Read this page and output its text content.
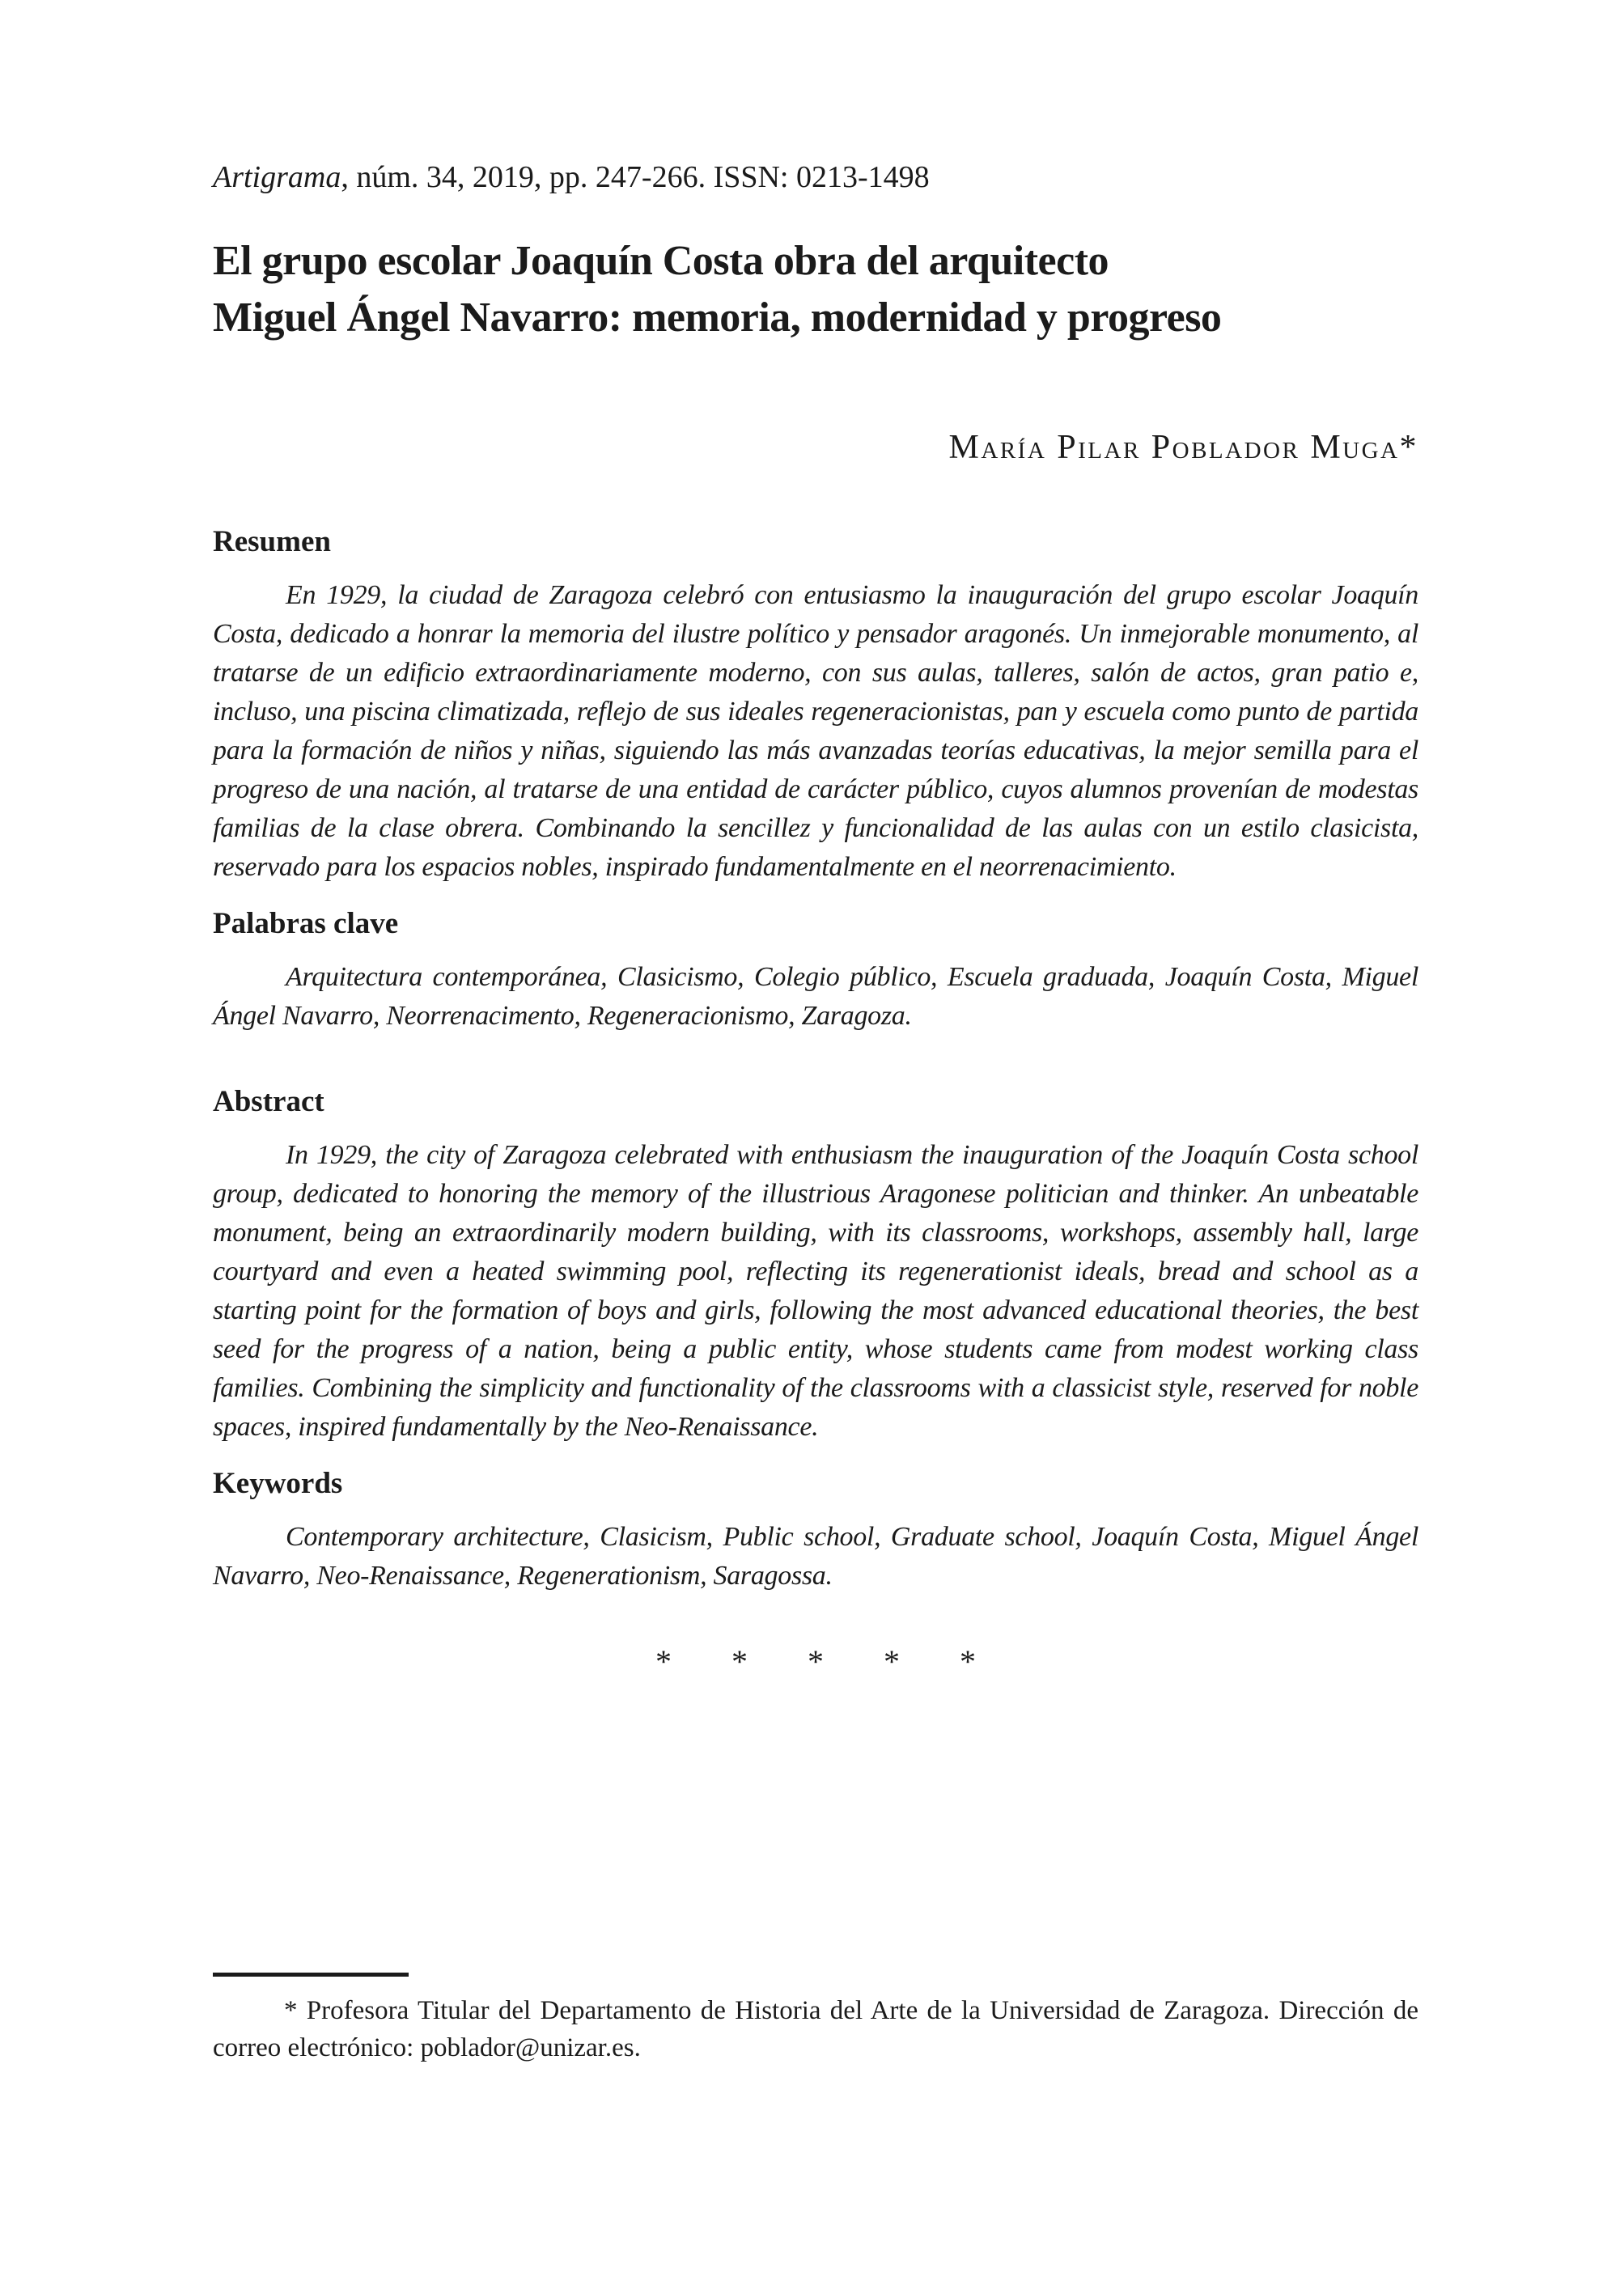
Artigrama, núm. 34, 2019, pp. 247-266. ISSN: 0213-1498
El grupo escolar Joaquín Costa obra del arquitecto
Miguel Ángel Navarro: memoria, modernidad y progreso
María Pilar Poblador Muga*
Resumen

En 1929, la ciudad de Zaragoza celebró con entusiasmo la inauguración del grupo escolar Joaquín Costa, dedicado a honrar la memoria del ilustre político y pensador aragonés. Un inmejorable monumento, al tratarse de un edificio extraordinariamente moderno, con sus aulas, talleres, salón de actos, gran patio e, incluso, una piscina climatizada, reflejo de sus ideales regeneracionistas, pan y escuela como punto de partida para la formación de niños y niñas, siguiendo las más avanzadas teorías educativas, la mejor semilla para el progreso de una nación, al tratarse de una entidad de carácter público, cuyos alumnos provenían de modestas familias de la clase obrera. Combinando la sencillez y funcionalidad de las aulas con un estilo clasicista, reservado para los espacios nobles, inspirado fundamentalmente en el neorrenacimiento.

Palabras clave

Arquitectura contemporánea, Clasicismo, Colegio público, Escuela graduada, Joaquín Costa, Miguel Ángel Navarro, Neorrenacimento, Regeneracionismo, Zaragoza.

Abstract

In 1929, the city of Zaragoza celebrated with enthusiasm the inauguration of the Joaquín Costa school group, dedicated to honoring the memory of the illustrious Aragonese politician and thinker. An unbeatable monument, being an extraordinarily modern building, with its classrooms, workshops, assembly hall, large courtyard and even a heated swimming pool, reflecting its regenerationist ideals, bread and school as a starting point for the formation of boys and girls, following the most advanced educational theories, the best seed for the progress of a nation, being a public entity, whose students came from modest working class families. Combining the simplicity and functionality of the classrooms with a classicist style, reserved for noble spaces, inspired fundamentally by the Neo-Renaissance.

Keywords

Contemporary architecture, Clasicism, Public school, Graduate school, Joaquín Costa, Miguel Ángel Navarro, Neo-Renaissance, Regenerationism, Saragossa.

* * * * *
* Profesora Titular del Departamento de Historia del Arte de la Universidad de Zaragoza. Dirección de correo electrónico: poblador@unizar.es.
